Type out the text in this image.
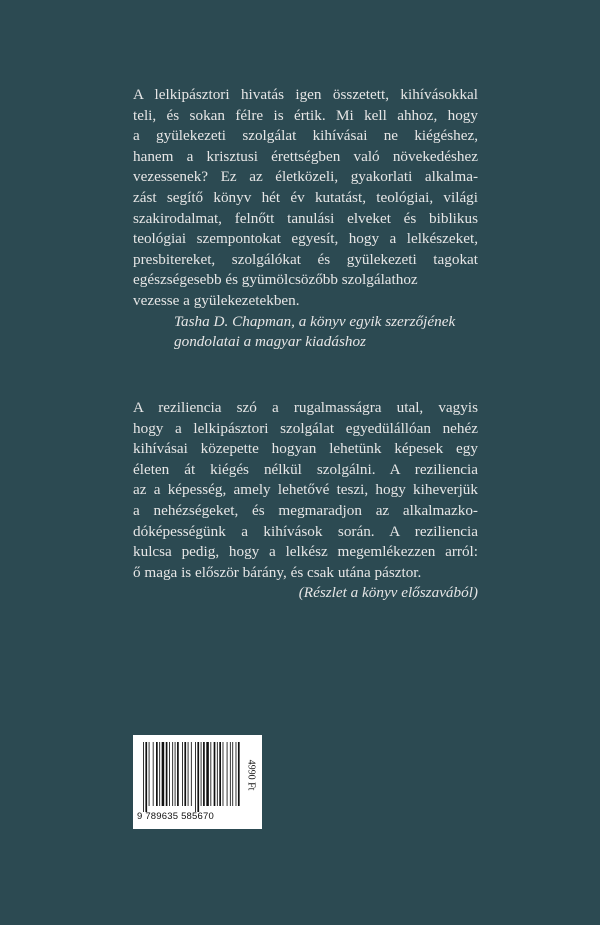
A lelkipásztori hivatás igen összetett, kihívásokkal
teli, és sokan félre is értik. Mi kell ahhoz, hogy
a gyülekezeti szolgálat kihívásai ne kiégéshez,
hanem a krisztusi érettségben való növekedéshez
vezessenek? Ez az életközeli, gyakorlati alkalma-
zást segítő könyv hét év kutatást, teológiai, világi
szakirodalmat, felnőtt tanulási elveket és biblikus
teológiai szempontokat egyesít, hogy a lelkészeket,
presbitereket, szolgálókat és gyülekezeti tagokat
egészségesebb és gyümölcsözőbb szolgálathoz
vezesse a gyülekezetekben.
Tasha D. Chapman, a könyv egyik szerzőjének
gondolatai a magyar kiadáshoz
A reziliencia szó a rugalmasságra utal, vagyis
hogy a lelkipásztori szolgálat egyedülállóan nehéz
kihívásai közepette hogyan lehetünk képesek egy
életen át kiégés nélkül szolgálni. A reziliencia
az a képesség, amely lehetővé teszi, hogy kiheverjük
a nehézségeket, és megmaradjon az alkalmazko-
dóképességünk a kihívások során. A reziliencia
kulcsa pedig, hogy a lelkész megemlékezzen arról:
ő maga is először bárány, és csak utána pásztor.
(Részlet a könyv előszavából)
9 789635 585670
4990 Ft
